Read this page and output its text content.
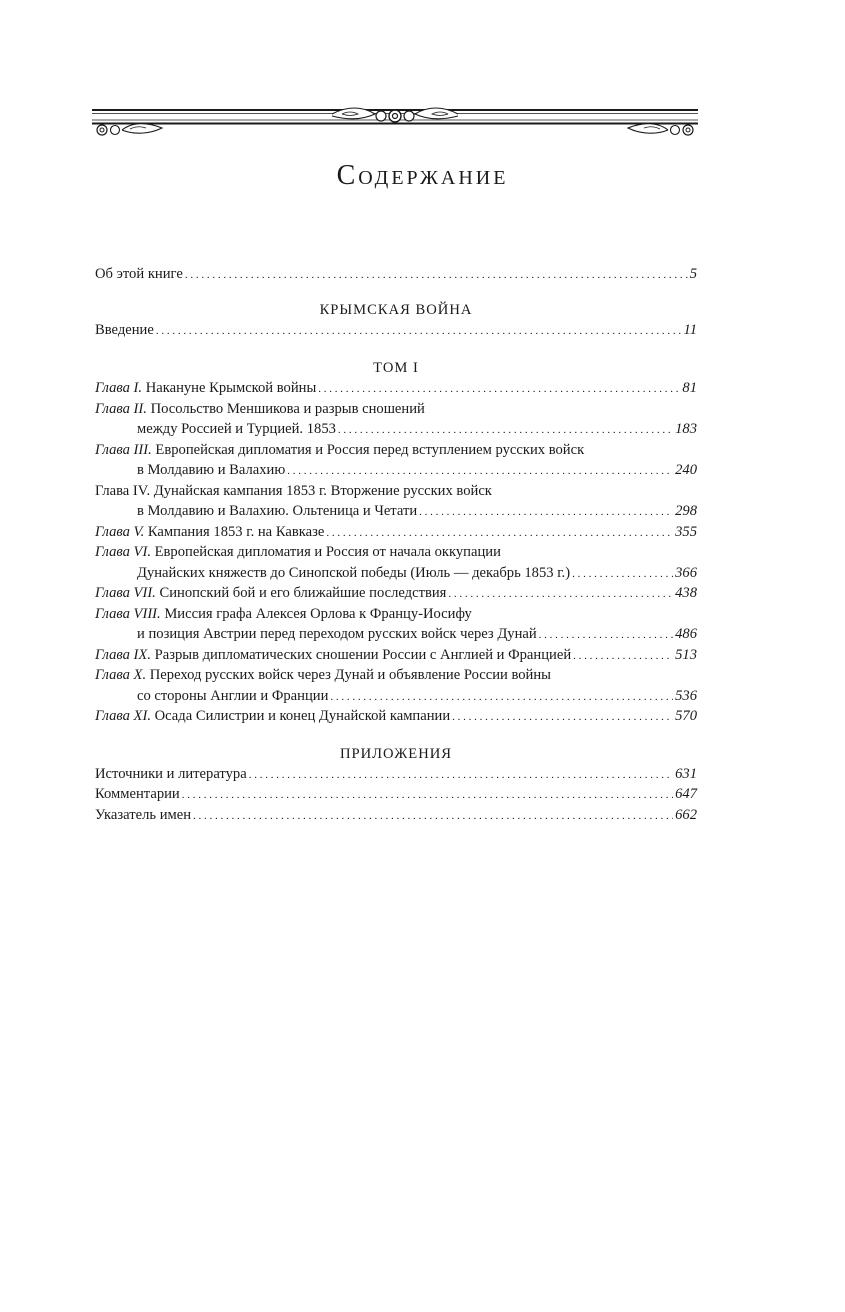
Содержание
Об этой книге . . .	5
КРЫМСКАЯ ВОЙНА
Введение . . .	11
ТОМ I
Глава I. Накануне Крымской войны . . .	81
Глава II. Посольство Меншикова и разрыв сношений
между Россией и Турцией. 1853 . . .	183
Глава III. Европейская дипломатия и Россия перед вступлением русских войск
в Молдавию и Валахию . . .	240
Глава IV. Дунайская кампания 1853 г. Вторжение русских войск
в Молдавию и Валахию. Ольтеница и Четати . . .	298
Глава V. Кампания 1853 г. на Кавказе . . .	355
Глава VI. Европейская дипломатия и Россия от начала оккупации
Дунайских княжеств до Синопской победы (Июль — декабрь 1853 г.) . . .	366
Глава VII. Синопский бой и его ближайшие последствия . . .	438
Глава VIII. Миссия графа Алексея Орлова к Францу-Иосифу
и позиция Австрии перед переходом русских войск через Дунай . . .	486
Глава IX. Разрыв дипломатических сношении России с Англией и Францией . . .	513
Глава X. Переход русских войск через Дунай и объявление России войны
со стороны Англии и Франции . . .	536
Глава XI. Осада Силистрии и конец Дунайской кампании . . .	570
ПРИЛОЖЕНИЯ
Источники и литература . . .	631
Комментарии . . .	647
Указатель имен . . .	662
